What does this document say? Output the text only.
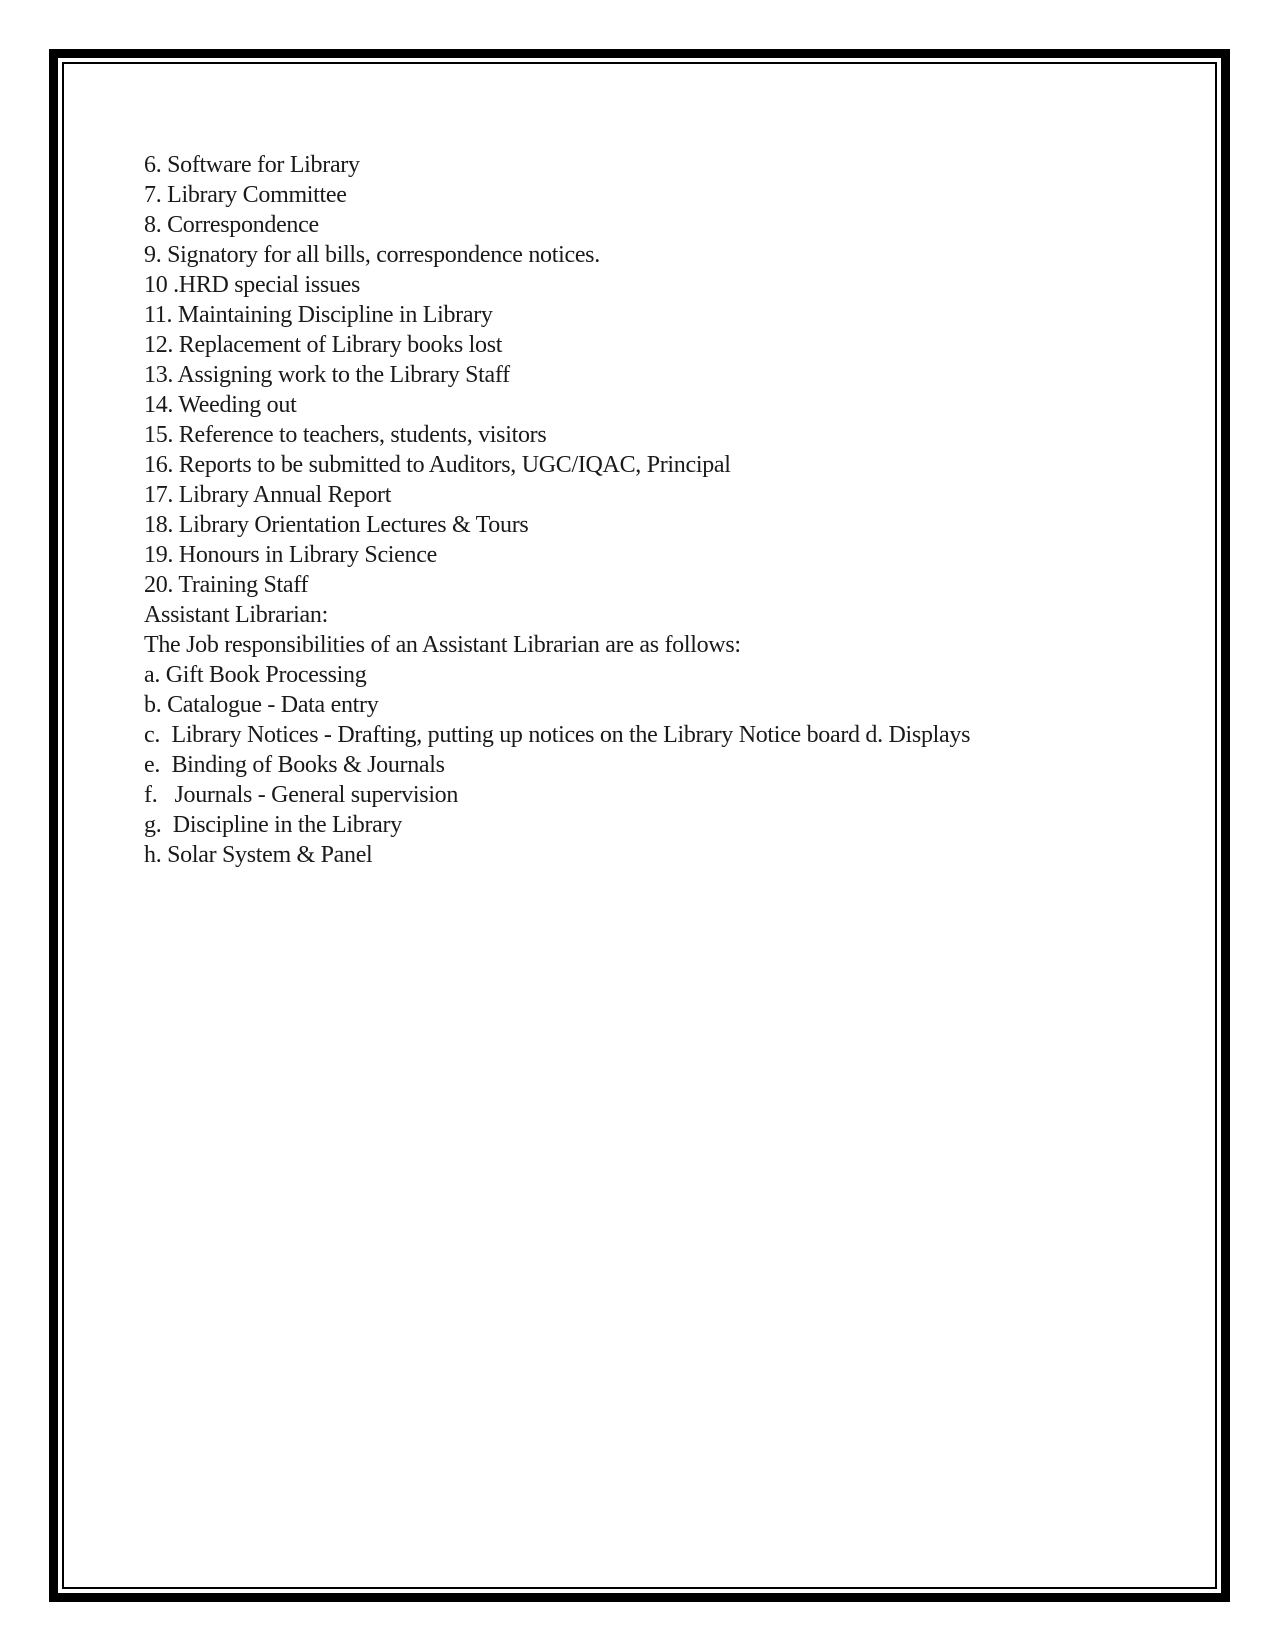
6. Software for Library

7. Library Committee

8. Correspondence

9. Signatory for all bills, correspondence notices.

10 .HRD special issues

11. Maintaining Discipline in Library

12. Replacement of Library books lost

13. Assigning work to the Library Staff

14. Weeding out

15. Reference to teachers, students, visitors

16. Reports to be submitted to Auditors, UGC/IQAC, Principal

17. Library Annual Report

18. Library Orientation Lectures & Tours

19. Honours in Library Science

20. Training Staff

Assistant Librarian:

The Job responsibilities of an Assistant Librarian are as follows:

a. Gift Book Processing

b. Catalogue - Data entry

c.  Library Notices - Drafting, putting up notices on the Library Notice board d. Displays

e.  Binding of Books & Journals

f.   Journals - General supervision

g.  Discipline in the Library

h. Solar System & Panel
